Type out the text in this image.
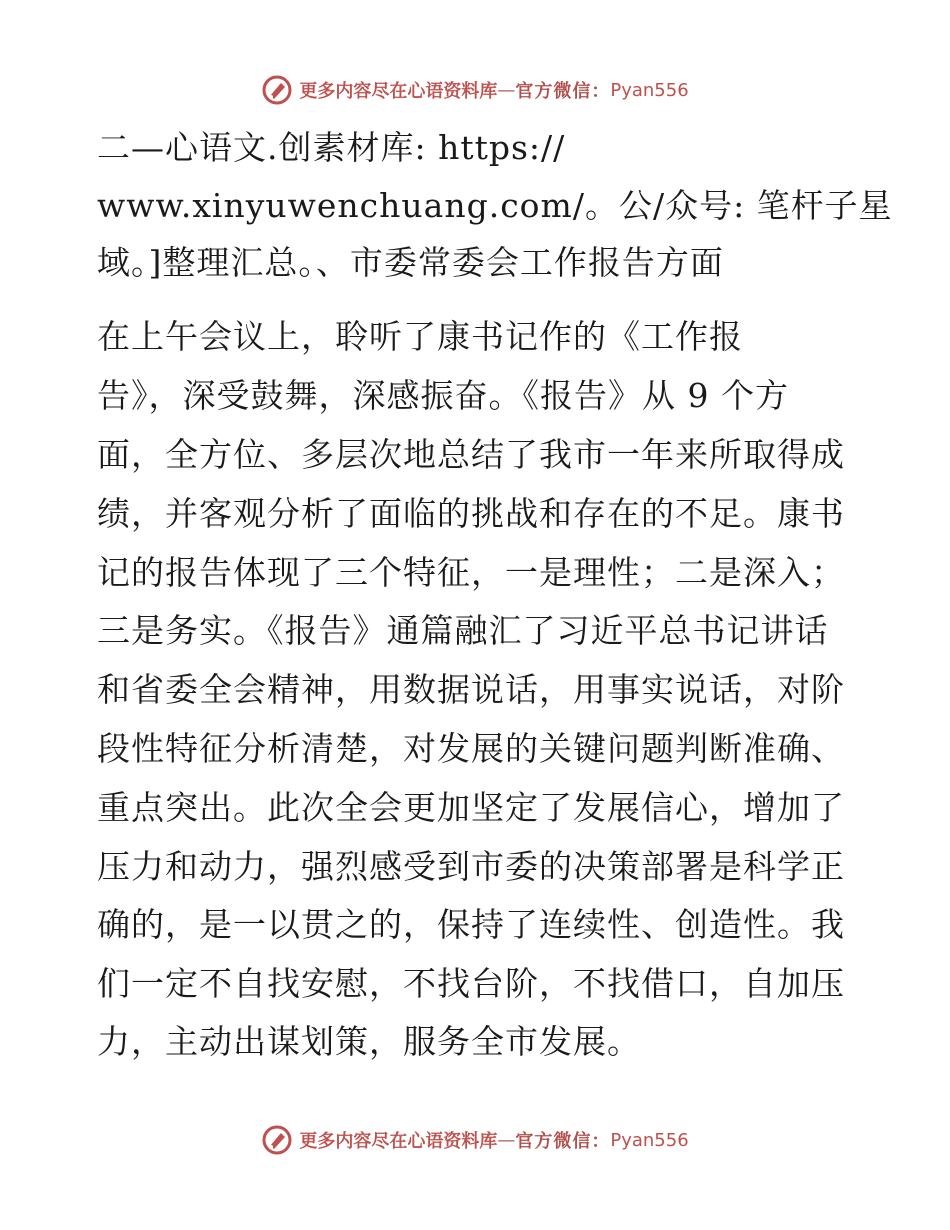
更多内容尽在心语资料库 — 官方微信： Pyan556
二—心语文.创素材库: https://
www.xinyuwenchuang.com/。公/众号: 笔杆子星
域。]整理汇总。、市委常委会工作报告方面
在上午会议上，聆听了康书记作的《工作报
告》，深受鼓舞，深感振奋。《报告》从 9 个方
面，全方位、多层次地总结了我市一年来所取得成
绩，并客观分析了面临的挑战和存在的不足。康书
记的报告体现了三个特征，一是理性；二是深入；
三是务实。《报告》通篇融汇了习近平总书记讲话
和省委全会精神，用数据说话，用事实说话，对阶
段性特征分析清楚，对发展的关键问题判断准确、
重点突出。此次全会更加坚定了发展信心，增加了
压力和动力，强烈感受到市委的决策部署是科学正
确的，是一以贯之的，保持了连续性、创造性。我
们一定不自找安慰，不找台阶，不找借口，自加压
力，主动出谋划策，服务全市发展。
更多内容尽在心语资料库 — 官方微信： Pyan556
